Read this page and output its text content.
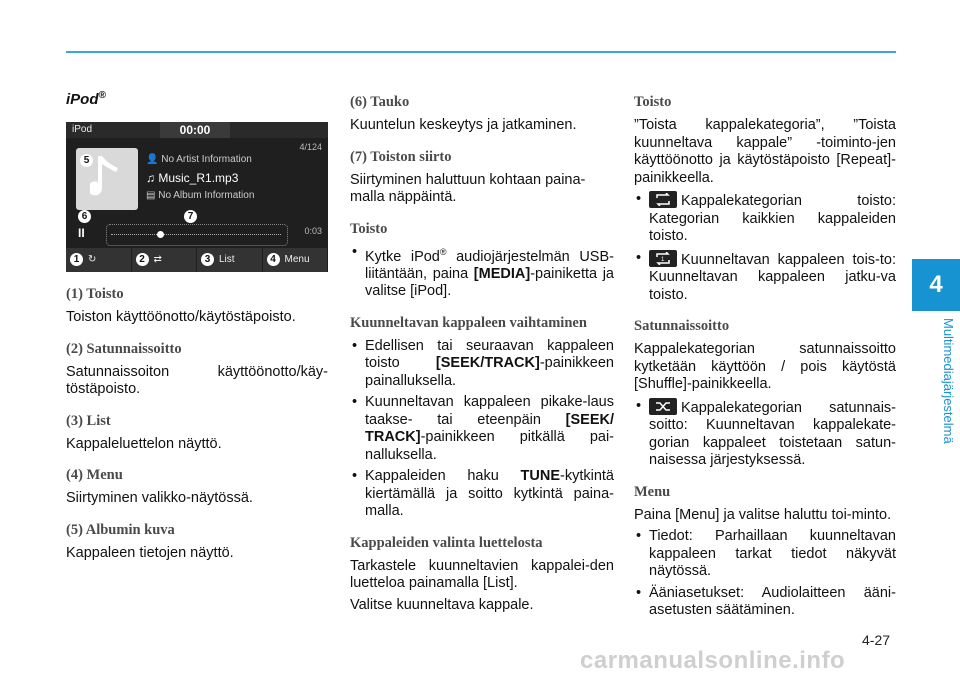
iPod®
iPod	00:00
4/124
5	👤 No Artist Information
♫ Music_R1.mp3
▤ No Album Information
6	7
II	0:03
1 ↻	2 ⇄	3 List	4 Menu
(1) Toisto
Toiston käyttöönotto/käytöstäpoisto.
(2) Satunnaissoitto
Satunnaissoiton käyttöönotto/käy-töstäpoisto.
(3) List
Kappaleluettelon näyttö.
(4) Menu
Siirtyminen valikko-näytössä.
(5) Albumin kuva
Kappaleen tietojen näyttö.
(6) Tauko
Kuuntelun keskeytys ja jatkaminen.
(7) Toiston siirto
Siirtyminen haluttuun kohtaan paina-malla näppäintä.
Toisto
• Kytke iPod® audiojärjestelmän USB-liitäntään, paina [MEDIA]-painiketta ja valitse [iPod].
Kuunneltavan kappaleen vaihtaminen
• Edellisen tai seuraavan kappaleen toisto [SEEK/TRACK]-painikkeen painalluksella.
• Kuunneltavan kappaleen pikake-laus taakse- tai eteenpäin [SEEK/ TRACK]-painikkeen pitkällä pai-nalluksella.
• Kappaleiden haku TUNE-kytkintä kiertämällä ja soitto kytkintä paina-malla.
Kappaleiden valinta luettelosta
Tarkastele kuunneltavien kappalei-den luetteloa painamalla [List].
Valitse kuunneltava kappale.
Toisto
”Toista kappalekategoria”, ”Toista kuunneltava kappale” -toiminto-jen käyttöönotto ja käytöstäpoisto [Repeat]-painikkeella.
• Kappalekategorian toisto: Kategorian kaikkien kappaleiden toisto.
• 1 Kuunneltavan kappaleen tois-to: Kuunneltavan kappaleen jatku-va toisto.
Satunnaissoitto
Kappalekategorian satunnaissoitto kytketään käyttöön / pois käytöstä [Shuffle]-painikkeella.
• Kappalekategorian satunnais-soitto: Kuunneltavan kappalekate-gorian kappaleet toistetaan satun-naisessa järjestyksessä.
Menu
Paina [Menu] ja valitse haluttu toi-minto.
• Tiedot: Parhaillaan kuunneltavan kappaleen tarkat tiedot näkyvät näytössä.
• Ääniasetukset: Audiolaitteen ääni-asetusten säätäminen.
4
Multimediajärjestelmä
4-27
carmanualsonline.info
